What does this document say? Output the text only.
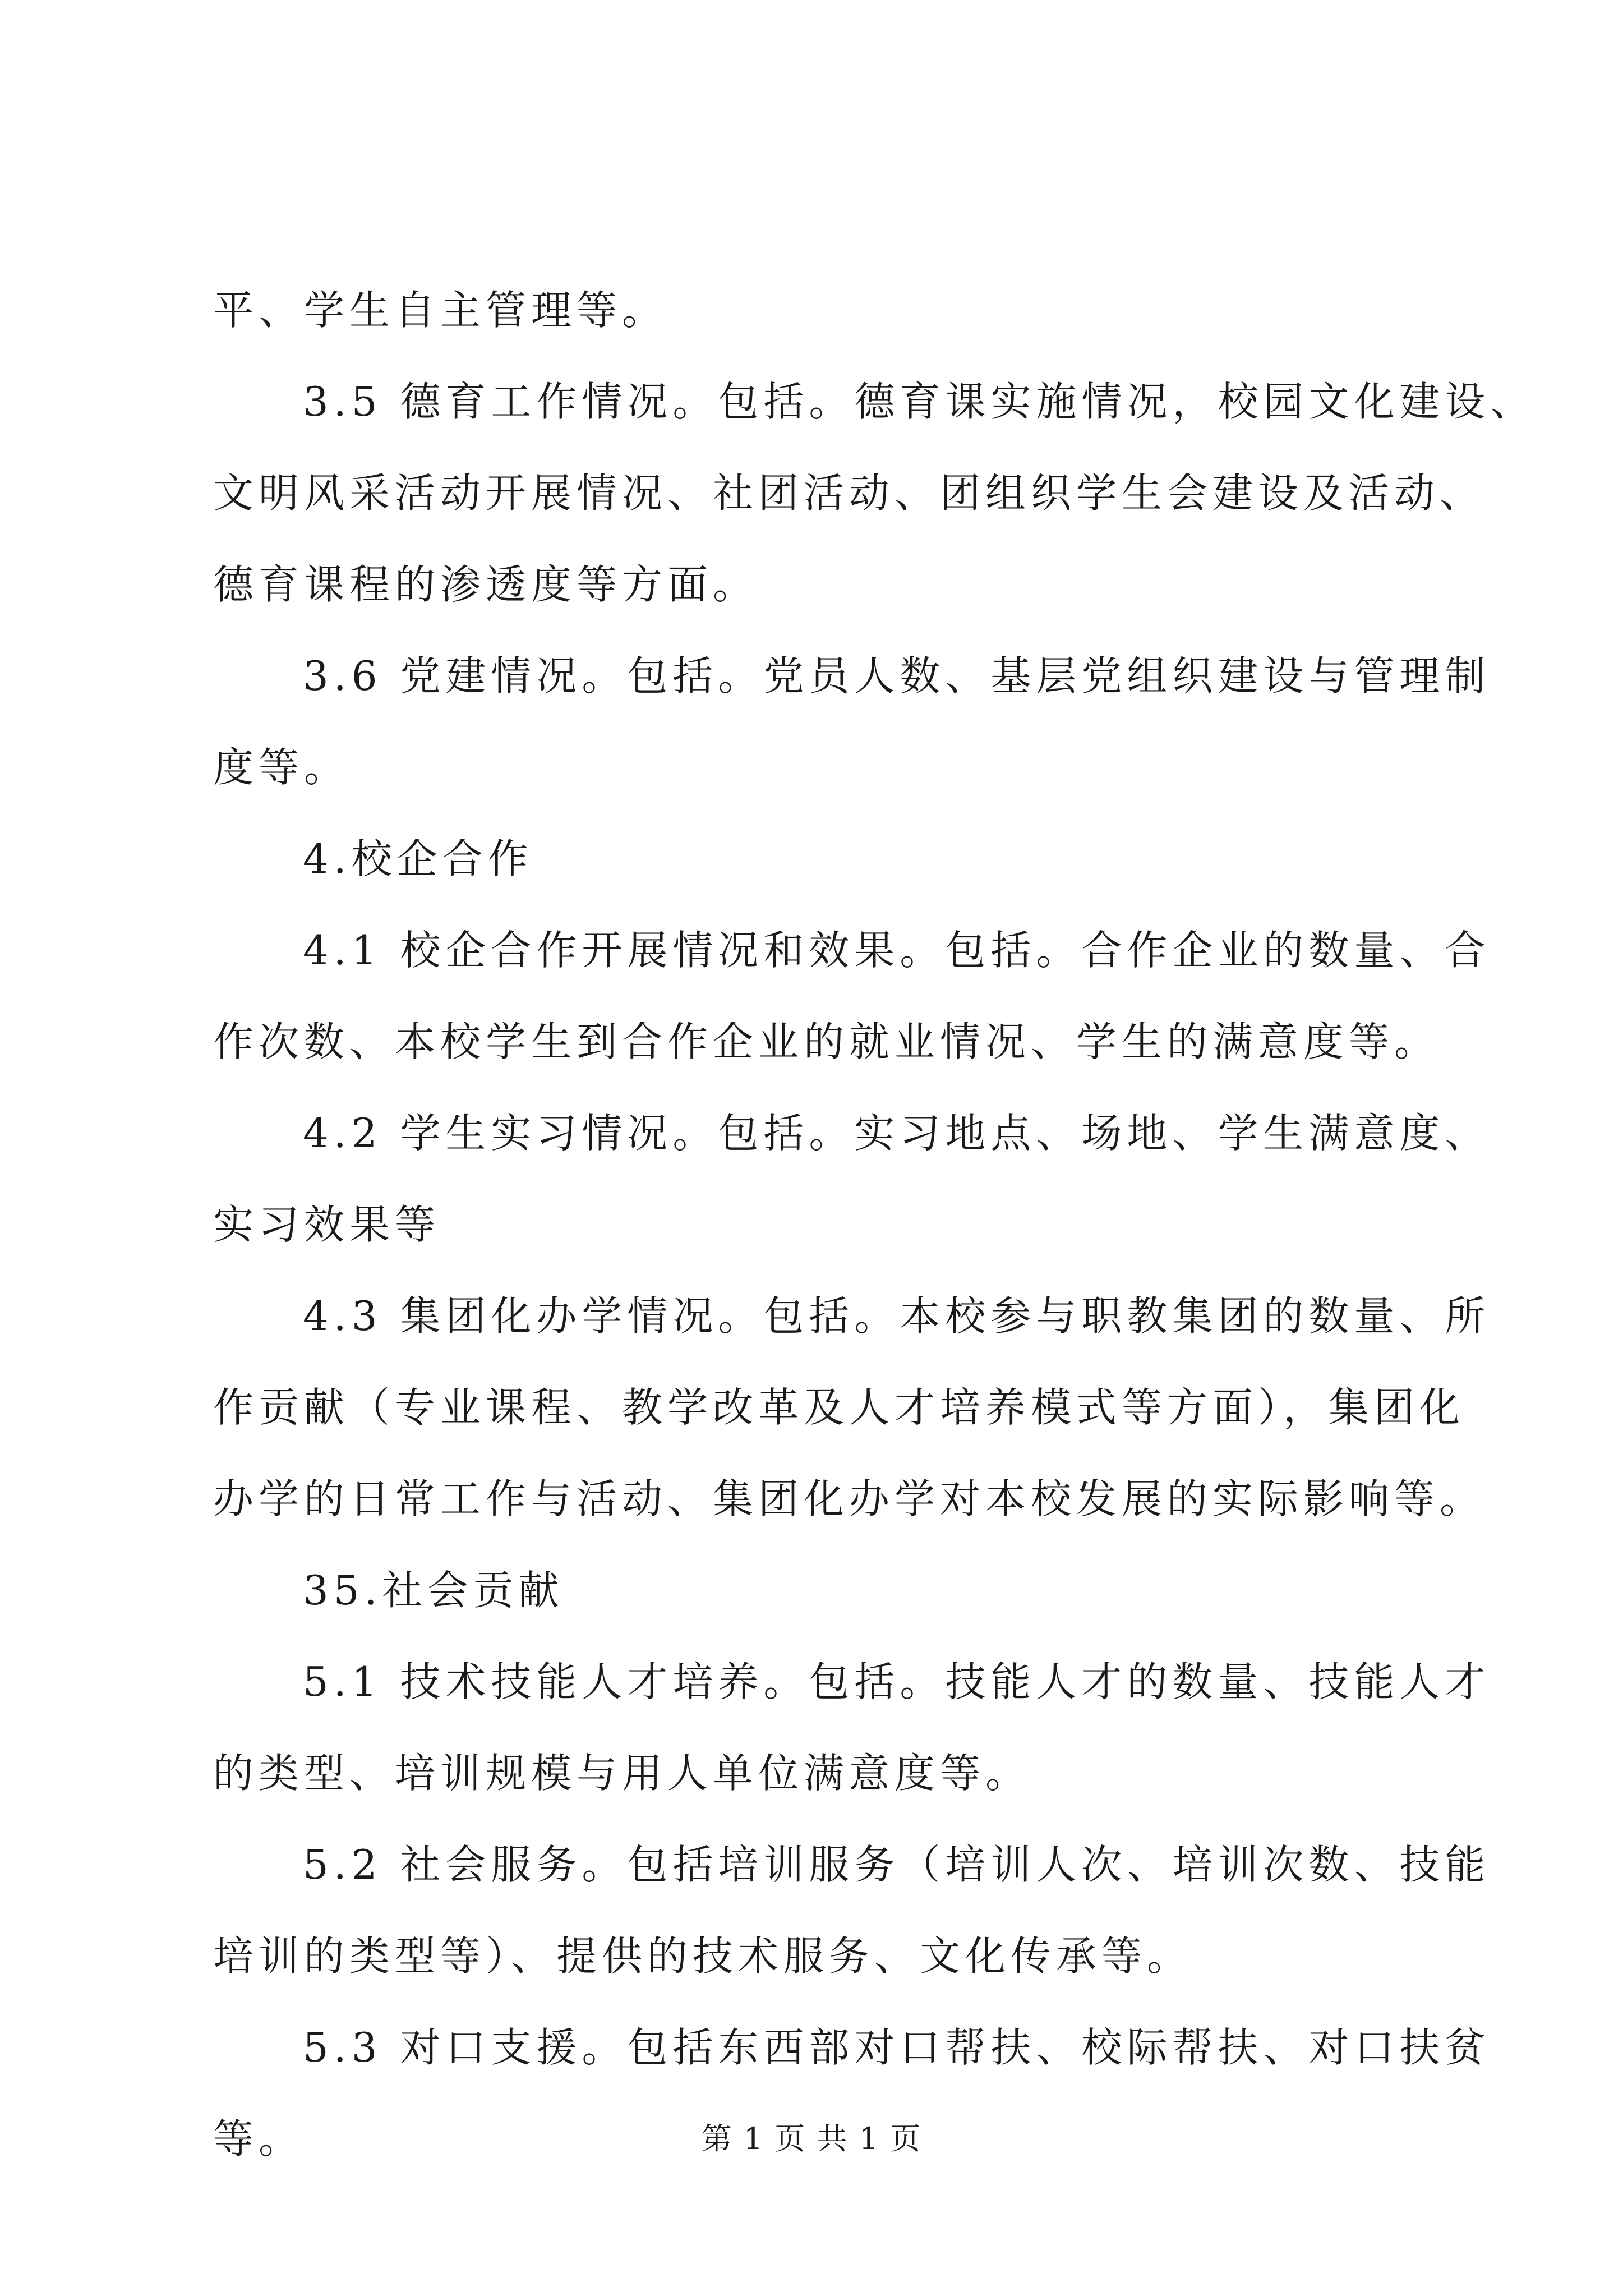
平、学生自主管理等。
3.5 德育工作情况。包括。德育课实施情况，校园文化建设、
文明风采活动开展情况、社团活动、团组织学生会建设及活动、
德育课程的渗透度等方面。
3.6 党建情况。包括。党员人数、基层党组织建设与管理制
度等。
4.校企合作
4.1 校企合作开展情况和效果。包括。合作企业的数量、合
作次数、本校学生到合作企业的就业情况、学生的满意度等。
4.2 学生实习情况。包括。实习地点、场地、学生满意度、
实习效果等
4.3 集团化办学情况。包括。本校参与职教集团的数量、所
作贡献（专业课程、教学改革及人才培养模式等方面），集团化
办学的日常工作与活动、集团化办学对本校发展的实际影响等。
35.社会贡献
5.1 技术技能人才培养。包括。技能人才的数量、技能人才
的类型、培训规模与用人单位满意度等。
5.2 社会服务。包括培训服务（培训人次、培训次数、技能
培训的类型等）、提供的技术服务、文化传承等。
5.3 对口支援。包括东西部对口帮扶、校际帮扶、对口扶贫
等。	第 1 页 共 1 页
